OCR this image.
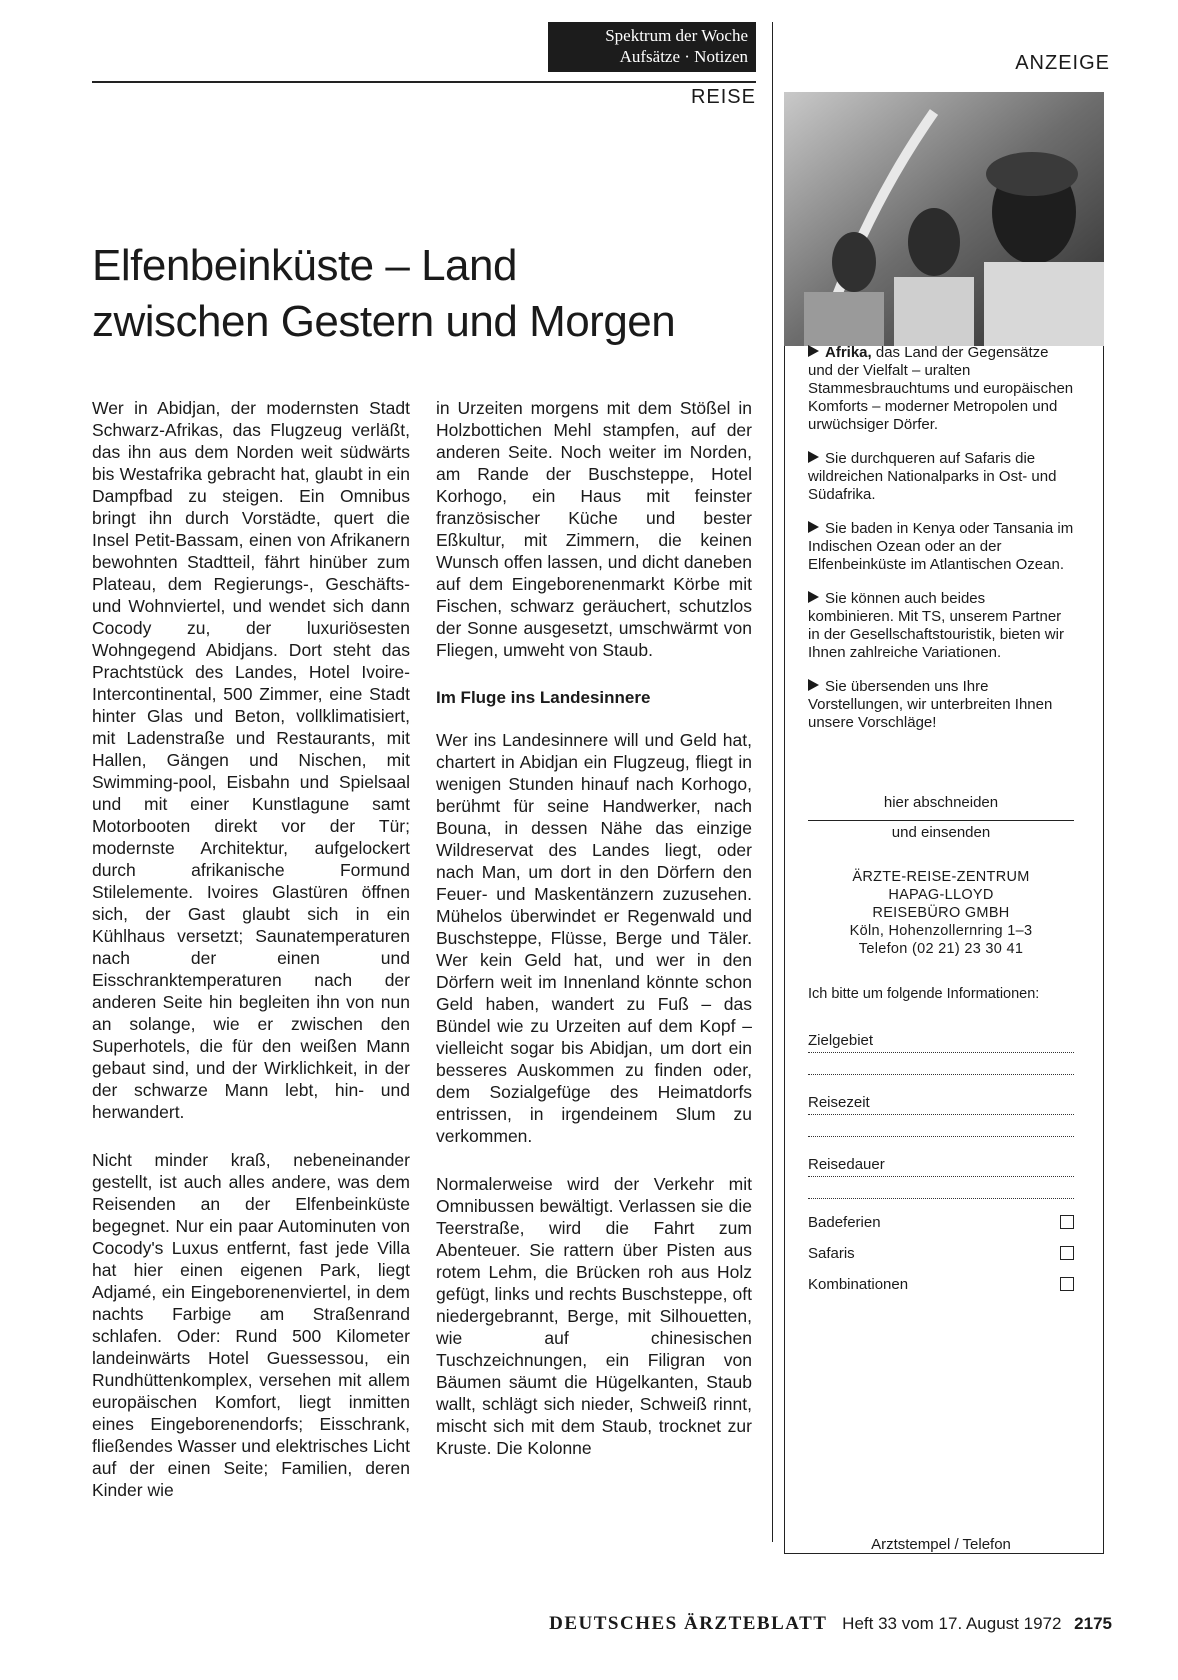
Spektrum der Woche
Aufsätze · Notizen
REISE
ANZEIGE
Elfenbeinküste – Land
zwischen Gestern und Morgen

Wer in Abidjan, der modernsten Stadt Schwarz-Afrikas, das Flugzeug verläßt, das ihn aus dem Norden weit südwärts bis Westafrika gebracht hat, glaubt in ein Dampfbad zu steigen. Ein Omnibus bringt ihn durch Vorstädte, quert die Insel Petit-Bassam, einen von Afrikanern bewohnten Stadtteil, fährt hinüber zum Plateau, dem Regierungs-, Geschäfts- und Wohnviertel, und wendet sich dann Cocody zu, der luxuriösesten Wohngegend Abidjans. Dort steht das Prachtstück des Landes, Hotel Ivoire-Intercontinental, 500 Zimmer, eine Stadt hinter Glas und Beton, vollklimatisiert, mit Ladenstraße und Restaurants, mit Hallen, Gängen und Nischen, mit Swimming-pool, Eisbahn und Spielsaal und mit einer Kunstlagune samt Motorbooten direkt vor der Tür; modernste Architektur, aufgelockert durch afrikanische Formund Stilelemente. Ivoires Glastüren öffnen sich, der Gast glaubt sich in ein Kühlhaus versetzt; Saunatemperaturen nach der einen und Eisschranktemperaturen nach der anderen Seite hin begleiten ihn von nun an solange, wie er zwischen den Superhotels, die für den weißen Mann gebaut sind, und der Wirklichkeit, in der der schwarze Mann lebt, hin- und herwandert.

Nicht minder kraß, nebeneinander gestellt, ist auch alles andere, was dem Reisenden an der Elfenbeinküste begegnet. Nur ein paar Autominuten von Cocody's Luxus entfernt, fast jede Villa hat hier einen eigenen Park, liegt Adjamé, ein Eingeborenenviertel, in dem nachts Farbige am Straßenrand schlafen. Oder: Rund 500 Kilometer landeinwärts Hotel Guessessou, ein Rundhüttenkomplex, versehen mit allem europäischen Komfort, liegt inmitten eines Eingeborenendorfs; Eisschrank, fließendes Wasser und elektrisches Licht auf der einen Seite; Familien, deren Kinder wie

in Urzeiten morgens mit dem Stößel in Holzbottichen Mehl stampfen, auf der anderen Seite. Noch weiter im Norden, am Rande der Buschsteppe, Hotel Korhogo, ein Haus mit feinster französischer Küche und bester Eßkultur, mit Zimmern, die keinen Wunsch offen lassen, und dicht daneben auf dem Eingeborenenmarkt Körbe mit Fischen, schwarz geräuchert, schutzlos der Sonne ausgesetzt, umschwärmt von Fliegen, umweht von Staub.

Im Fluge ins Landesinnere

Wer ins Landesinnere will und Geld hat, chartert in Abidjan ein Flugzeug, fliegt in wenigen Stunden hinauf nach Korhogo, berühmt für seine Handwerker, nach Bouna, in dessen Nähe das einzige Wildreservat des Landes liegt, oder nach Man, um dort in den Dörfern den Feuer- und Maskentänzern zuzusehen. Mühelos überwindet er Regenwald und Buschsteppe, Flüsse, Berge und Täler. Wer kein Geld hat, und wer in den Dörfern weit im Innenland könnte schon Geld haben, wandert zu Fuß – das Bündel wie zu Urzeiten auf dem Kopf – vielleicht sogar bis Abidjan, um dort ein besseres Auskommen zu finden oder, dem Sozialgefüge des Heimatdorfs entrissen, in irgendeinem Slum zu verkommen.

Normalerweise wird der Verkehr mit Omnibussen bewältigt. Verlassen sie die Teerstraße, wird die Fahrt zum Abenteuer. Sie rattern über Pisten aus rotem Lehm, die Brücken roh aus Holz gefügt, links und rechts Buschsteppe, oft niedergebrannt, Berge, mit Silhouetten, wie auf chinesischen Tuschzeichnungen, ein Filigran von Bäumen säumt die Hügelkanten, Staub wallt, schlägt sich nieder, Schweiß rinnt, mischt sich mit dem Staub, trocknet zur Kruste. Die Kolonne

Afrika, das Land der Gegensätze und der Vielfalt – uralten Stammesbrauchtums und europäischen Komforts – moderner Metropolen und urwüchsiger Dörfer.

Sie durchqueren auf Safaris die wildreichen Nationalparks in Ost- und Südafrika.

Sie baden in Kenya oder Tansania im Indischen Ozean oder an der Elfenbeinküste im Atlantischen Ozean.

Sie können auch beides kombinieren. Mit TS, unserem Partner in der Gesellschaftstouristik, bieten wir Ihnen zahlreiche Variationen.

Sie übersenden uns Ihre Vorstellungen, wir unterbreiten Ihnen unsere Vorschläge!

hier abschneiden
und einsenden
ÄRZTE-REISE-ZENTRUM
HAPAG-LLOYD
REISEBÜRO GMBH
Köln, Hohenzollernring 1–3
Telefon (02 21) 23 30 41
Ich bitte um folgende Informationen:
Zielgebiet
Reisezeit
Reisedauer
Badeferien
Safaris
Kombinationen
Arztstempel / Telefon
DEUTSCHES ÄRZTEBLATT Heft 33 vom 17. August 1972 2175
